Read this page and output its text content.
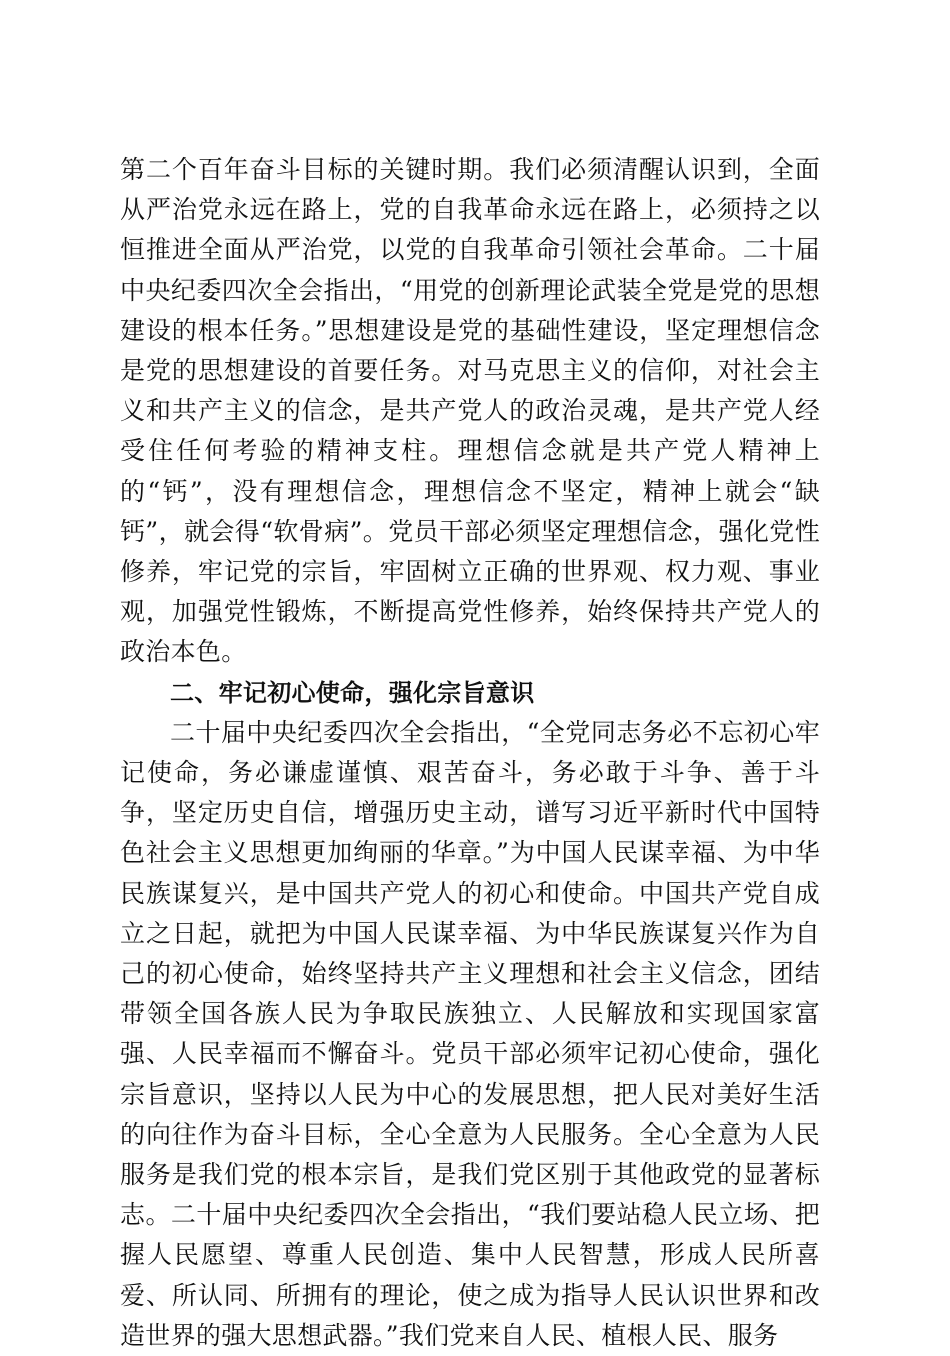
第二个百年奋斗目标的关键时期。我们必须清醒认识到，全面从严治党永远在路上，党的自我革命永远在路上，必须持之以恒推进全面从严治党，以党的自我革命引领社会革命。二十届中央纪委四次全会指出，“用党的创新理论武装全党是党的思想建设的根本任务。”思想建设是党的基础性建设，坚定理想信念是党的思想建设的首要任务。对马克思主义的信仰，对社会主义和共产主义的信念，是共产党人的政治灵魂，是共产党人经受住任何考验的精神支柱。理想信念就是共产党人精神上的“钙”，没有理想信念，理想信念不坚定，精神上就会“缺钙”，就会得“软骨病”。党员干部必须坚定理想信念，强化党性修养，牢记党的宗旨，牢固树立正确的世界观、权力观、事业观，加强党性锻炼，不断提高党性修养，始终保持共产党人的政治本色。

二、牢记初心使命，强化宗旨意识

二十届中央纪委四次全会指出，“全党同志务必不忘初心牢记使命，务必谦虚谨慎、艰苦奋斗，务必敢于斗争、善于斗争，坚定历史自信，增强历史主动，谱写习近平新时代中国特色社会主义思想更加绚丽的华章。”为中国人民谋幸福、为中华民族谋复兴，是中国共产党人的初心和使命。中国共产党自成立之日起，就把为中国人民谋幸福、为中华民族谋复兴作为自己的初心使命，始终坚持共产主义理想和社会主义信念，团结带领全国各族人民为争取民族独立、人民解放和实现国家富强、人民幸福而不懈奋斗。党员干部必须牢记初心使命，强化宗旨意识，坚持以人民为中心的发展思想，把人民对美好生活的向往作为奋斗目标，全心全意为人民服务。全心全意为人民服务是我们党的根本宗旨，是我们党区别于其他政党的显著标志。二十届中央纪委四次全会指出，“我们要站稳人民立场、把握人民愿望、尊重人民创造、集中人民智慧，形成人民所喜爱、所认同、所拥有的理论，使之成为指导人民认识世界和改造世界的强大思想武器。”我们党来自人民、植根人民、服务
